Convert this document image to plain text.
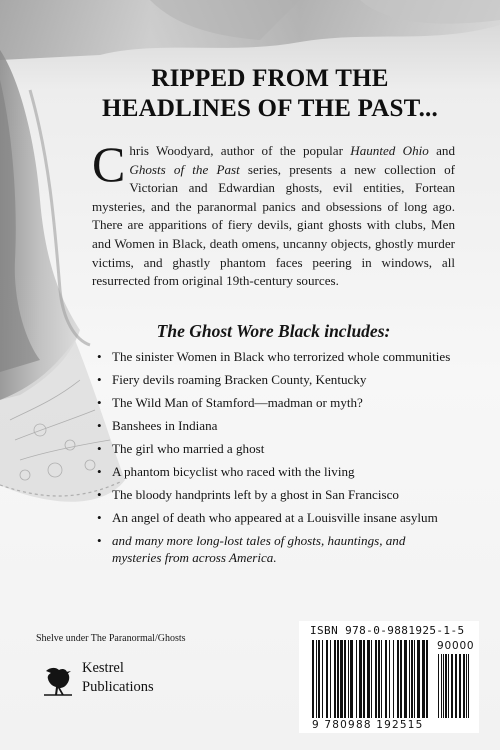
RIPPED FROM THE
HEADLINES OF THE PAST...
Chris Woodyard, author of the popular Haunted Ohio and Ghosts of the Past series, presents a new collection of Victorian and Edwardian ghosts, evil entities, Fortean mysteries, and the paranormal panics and obsessions of long ago. There are apparitions of fiery devils, giant ghosts with clubs, Men and Women in Black, death omens, uncanny objects, ghostly murder victims, and ghastly phantom faces peering in windows, all resurrected from original 19th-century sources.
The Ghost Wore Black includes:
• The sinister Women in Black who terrorized whole communities
• Fiery devils roaming Bracken County, Kentucky
• The Wild Man of Stamford—madman or myth?
• Banshees in Indiana
• The girl who married a ghost
• A phantom bicyclist who raced with the living
• The bloody handprints left by a ghost in San Francisco
• An angel of death who appeared at a Louisville insane asylum
• and many more long-lost tales of ghosts, hauntings, and mysteries from across America.
Shelve under The Paranormal/Ghosts
Kestrel
Publications
ISBN 978-0-9881925-1-5
9 780988 192515
90000
